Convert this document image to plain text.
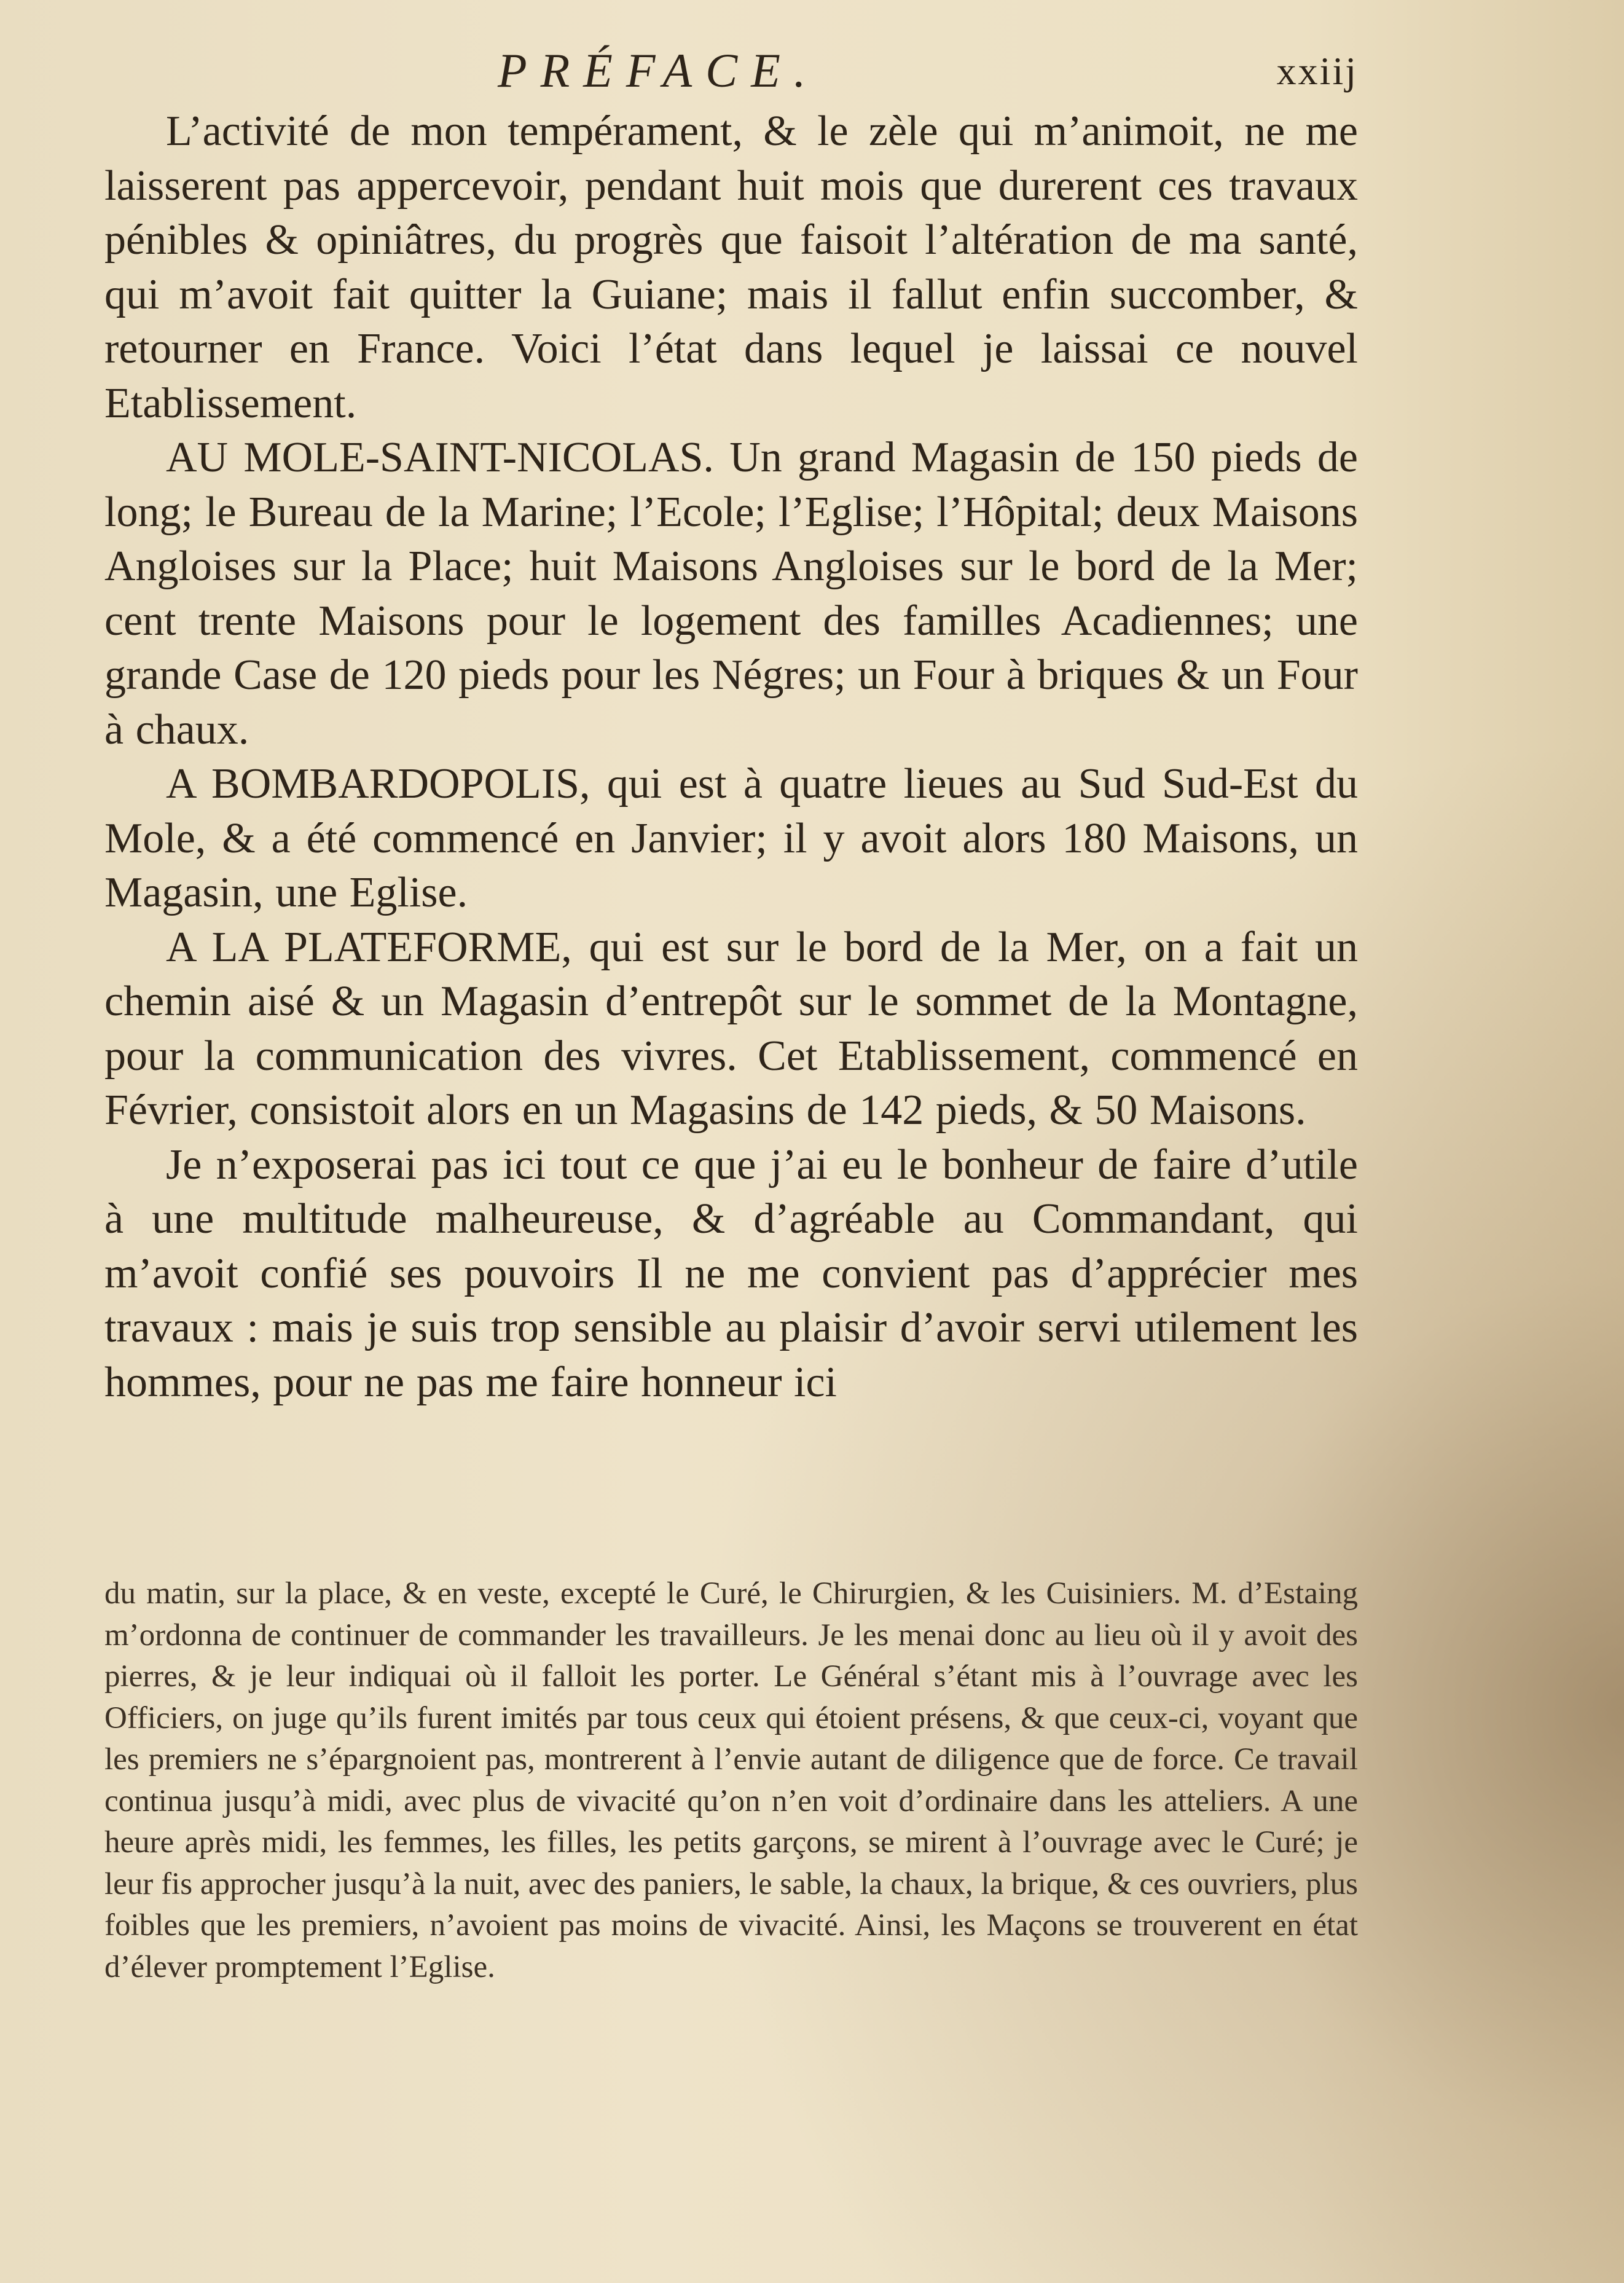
PRÉFACE.	xxiij

L’activité de mon tempérament, & le zèle qui m’animoit, ne me laisserent pas appercevoir, pendant huit mois que durerent ces travaux pénibles & opiniâtres, du progrès que faisoit l’altération de ma santé, qui m’avoit fait quitter la Guiane; mais il fallut enfin succomber, & retourner en France. Voici l’état dans lequel je laissai ce nouvel Etablissement.

AU MOLE-SAINT-NICOLAS. Un grand Magasin de 150 pieds de long; le Bureau de la Marine; l’Ecole; l’Eglise; l’Hôpital; deux Maisons Angloises sur la Place; huit Maisons Angloises sur le bord de la Mer; cent trente Maisons pour le logement des familles Acadiennes; une grande Case de 120 pieds pour les Négres; un Four à briques & un Four à chaux.

A BOMBARDOPOLIS, qui est à quatre lieues au Sud Sud-Est du Mole, & a été commencé en Janvier; il y avoit alors 180 Maisons, un Magasin, une Eglise.

A LA PLATEFORME, qui est sur le bord de la Mer, on a fait un chemin aisé & un Magasin d’entrepôt sur le sommet de la Montagne, pour la communication des vivres. Cet Etablissement, commencé en Février, consistoit alors en un Magasins de 142 pieds, & 50 Maisons.

Je n’exposerai pas ici tout ce que j’ai eu le bonheur de faire d’utile à une multitude malheureuse, & d’agréable au Commandant, qui m’avoit confié ses pouvoirs Il ne me convient pas d’apprécier mes travaux : mais je suis trop sensible au plaisir d’avoir servi utilement les hommes, pour ne pas me faire honneur ici

du matin, sur la place, & en veste, excepté le Curé, le Chirurgien, & les Cuisiniers. M. d’Estaing m’ordonna de continuer de commander les travailleurs. Je les menai donc au lieu où il y avoit des pierres, & je leur indiquai où il falloit les porter. Le Général s’étant mis à l’ouvrage avec les Officiers, on juge qu’ils furent imités par tous ceux qui étoient présens, & que ceux-ci, voyant que les premiers ne s’épargnoient pas, montrerent à l’envie autant de diligence que de force. Ce travail continua jusqu’à midi, avec plus de vivacité qu’on n’en voit d’ordinaire dans les atteliers. A une heure après midi, les femmes, les filles, les petits garçons, se mirent à l’ouvrage avec le Curé; je leur fis approcher jusqu’à la nuit, avec des paniers, le sable, la chaux, la brique, & ces ouvriers, plus foibles que les premiers, n’avoient pas moins de vivacité. Ainsi, les Maçons se trouverent en état d’élever promptement l’Eglise.
